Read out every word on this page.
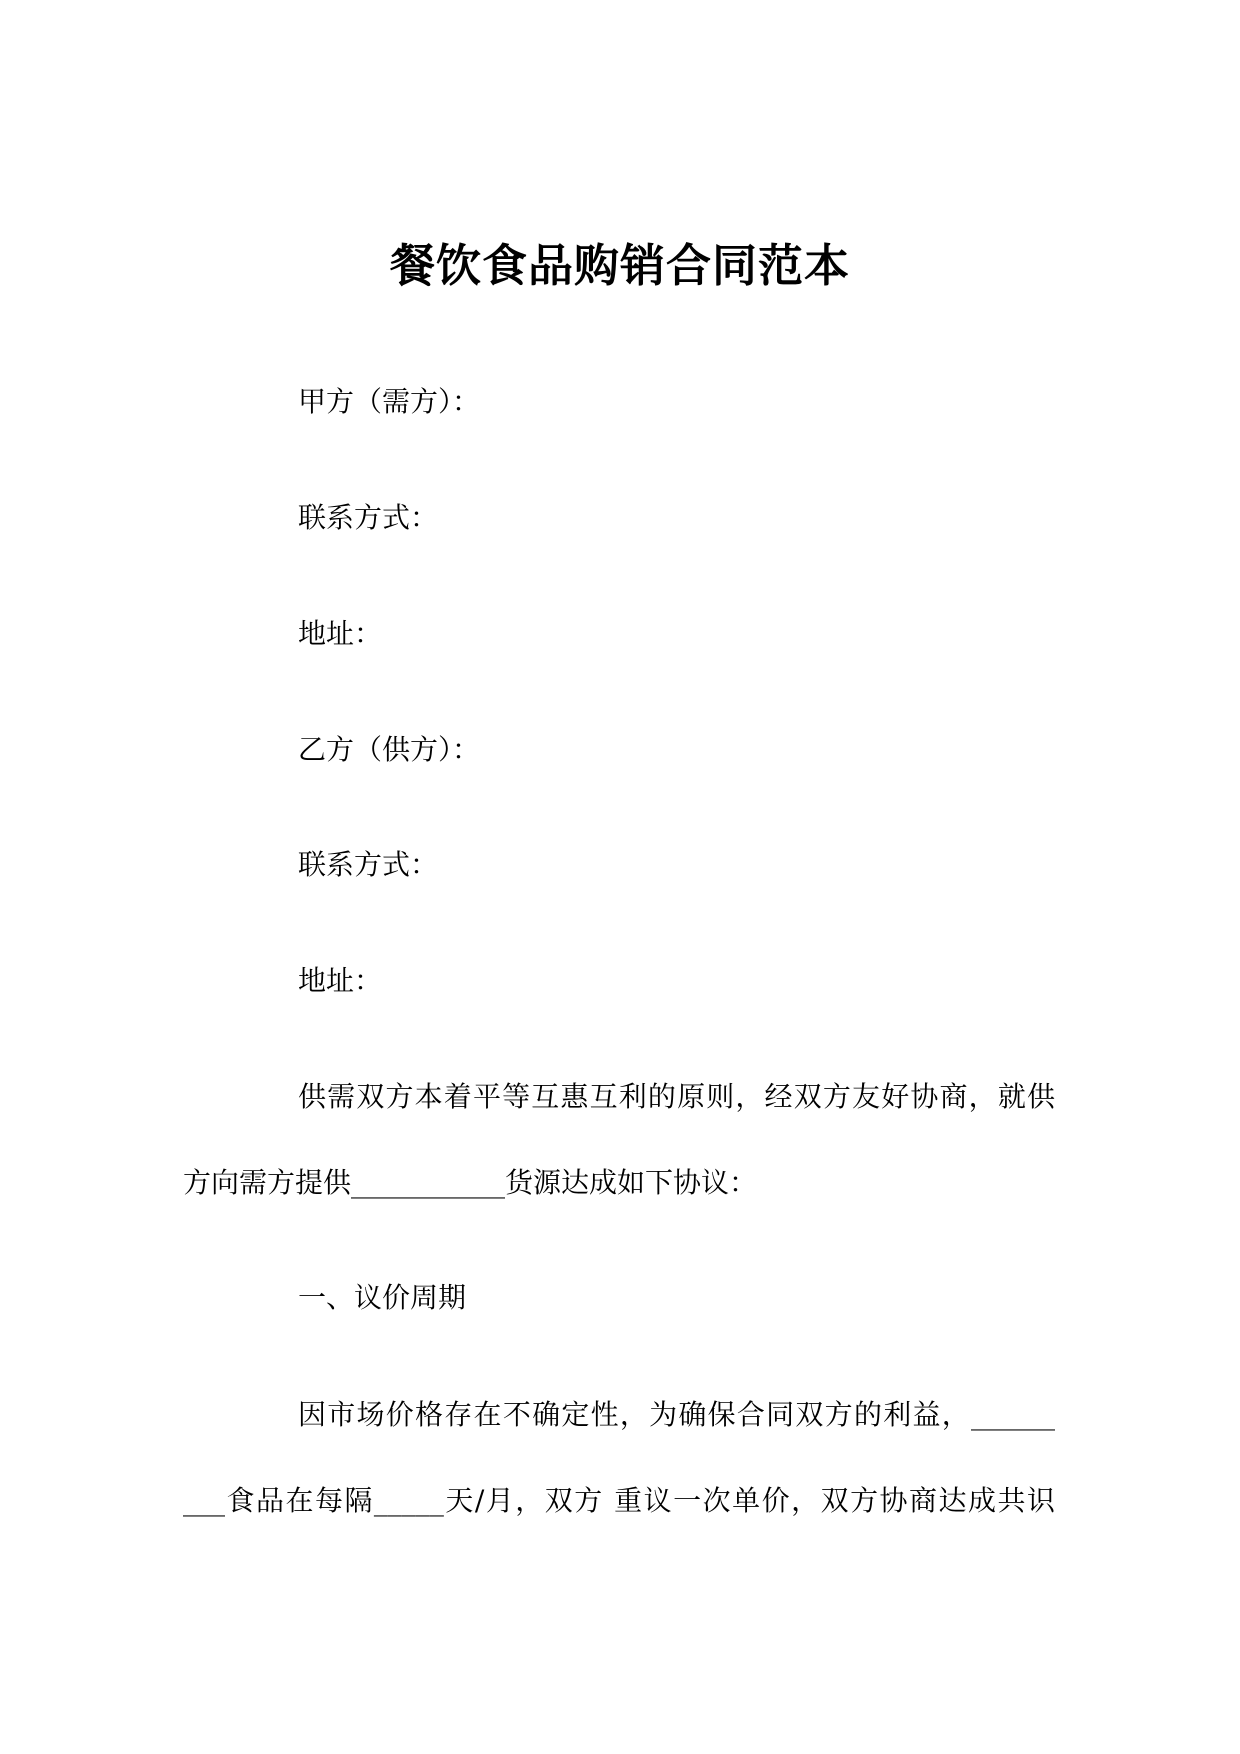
餐饮食品购销合同范本
甲方（需方）：
联系方式：
地址：
乙方（供方）：
联系方式：
地址：
供需双方本着平等互惠互利的原则，经双方友好协商，就供
方向需方提供___________货源达成如下协议：
一、议价周期
因市场价格存在不确定性，为确保合同双方的利益，______
___食品在每隔_____天/月，双方 重议一次单价，双方协商达成共识
